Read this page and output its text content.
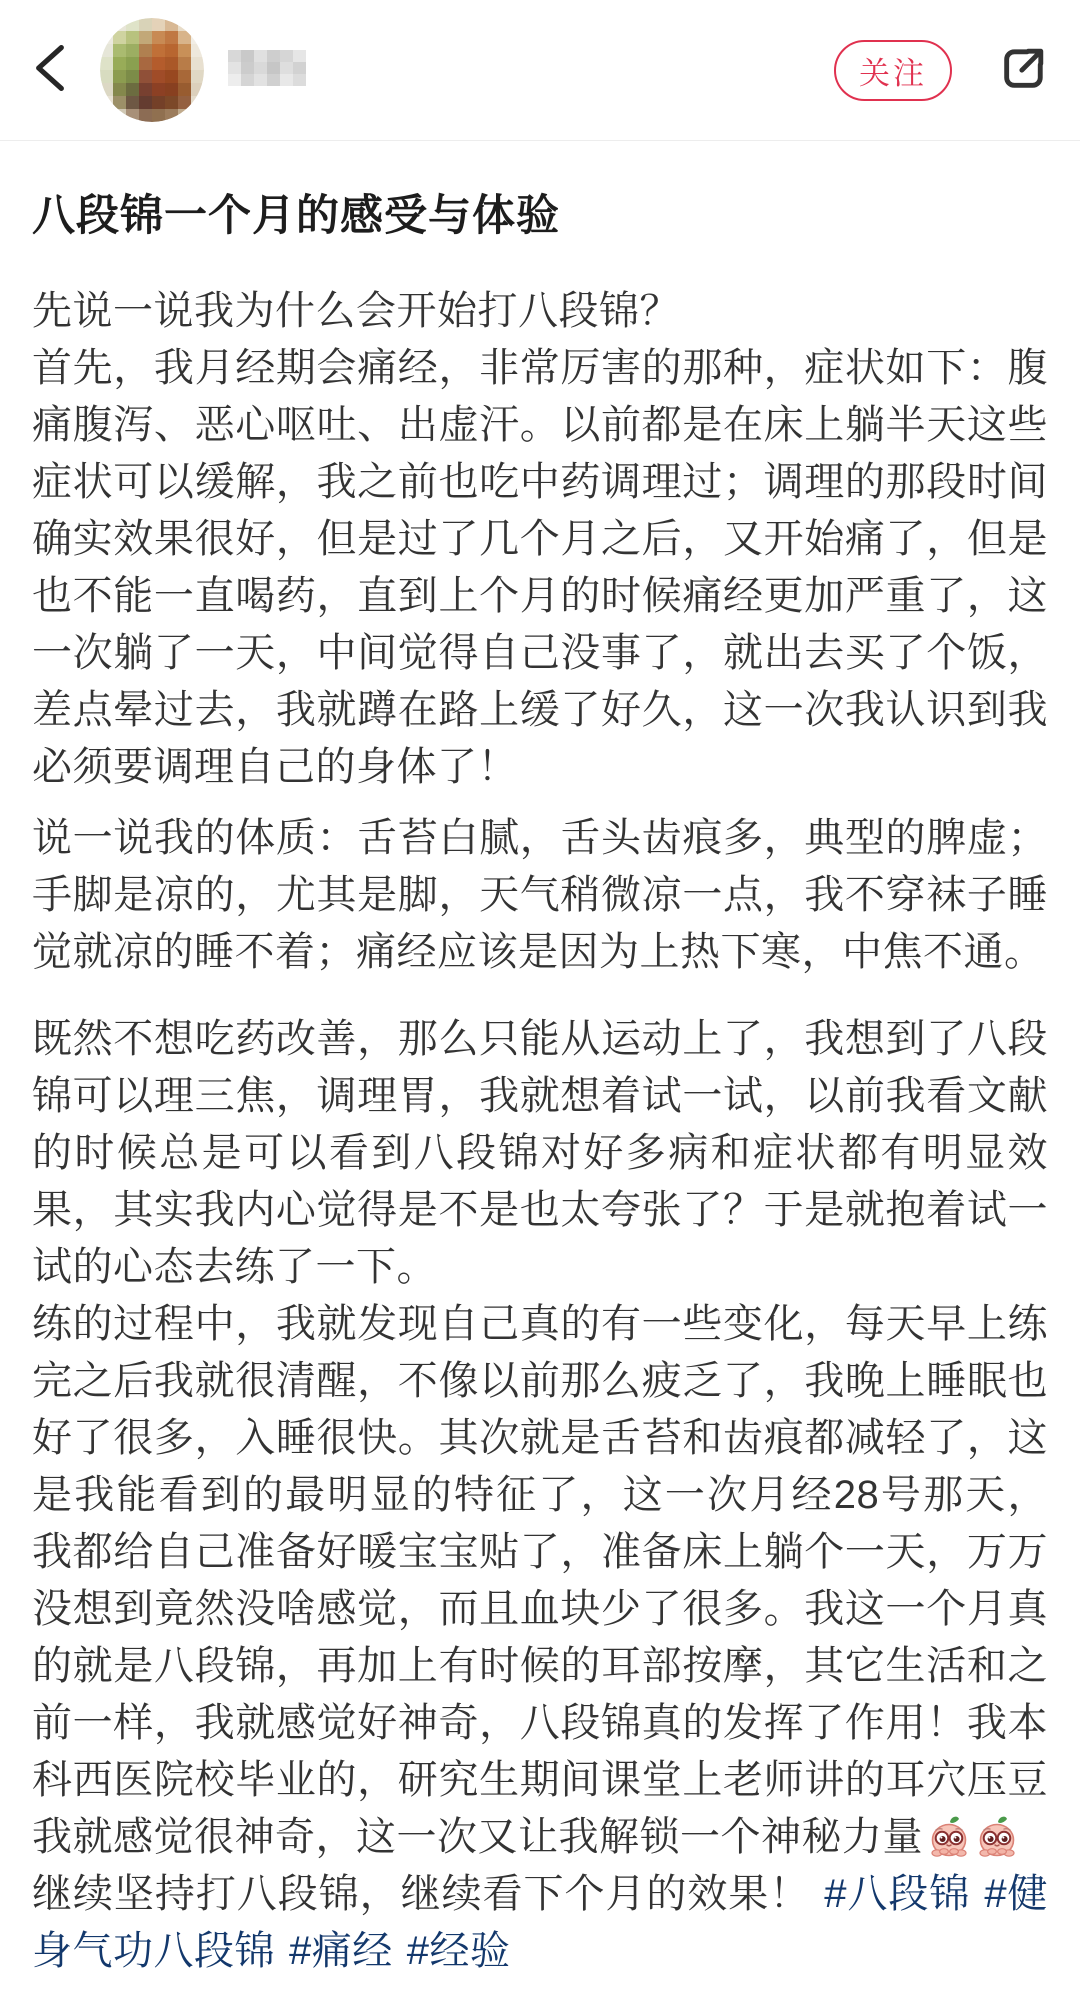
关注
八段锦一个月的感受与体验

先说一说我为什么会开始打八段锦？

首先，我月经期会痛经，非常厉害的那种，症状如下：腹痛腹泻、恶心呕吐、出虚汗。以前都是在床上躺半天这些症状可以缓解，我之前也吃中药调理过；调理的那段时间确实效果很好，但是过了几个月之后，又开始痛了，但是也不能一直喝药，直到上个月的时候痛经更加严重了，这一次躺了一天，中间觉得自己没事了，就出去买了个饭，差点晕过去，我就蹲在路上缓了好久，这一次我认识到我必须要调理自己的身体了！

说一说我的体质：舌苔白腻，舌头齿痕多，典型的脾虚；手脚是凉的，尤其是脚，天气稍微凉一点，我不穿袜子睡觉就凉的睡不着；痛经应该是因为上热下寒，中焦不通。

既然不想吃药改善，那么只能从运动上了，我想到了八段锦可以理三焦，调理胃，我就想着试一试，以前我看文献的时候总是可以看到八段锦对好多病和症状都有明显效果，其实我内心觉得是不是也太夸张了？于是就抱着试一试的心态去练了一下。

练的过程中，我就发现自己真的有一些变化，每天早上练完之后我就很清醒，不像以前那么疲乏了，我晚上睡眠也好了很多，入睡很快。其次就是舌苔和齿痕都减轻了，这是我能看到的最明显的特征了，这一次月经28号那天，我都给自己准备好暖宝宝贴了，准备床上躺个一天，万万没想到竟然没啥感觉，而且血块少了很多。我这一个月真的就是八段锦，再加上有时候的耳部按摩，其它生活和之前一样，我就感觉好神奇，八段锦真的发挥了作用！我本科西医院校毕业的，研究生期间课堂上老师讲的耳穴压豆我就感觉很神奇，这一次又让我解锁一个神秘力量

继续坚持打八段锦，继续看下个月的效果！ #八段锦 #健身气功八段锦 #痛经 #经验
